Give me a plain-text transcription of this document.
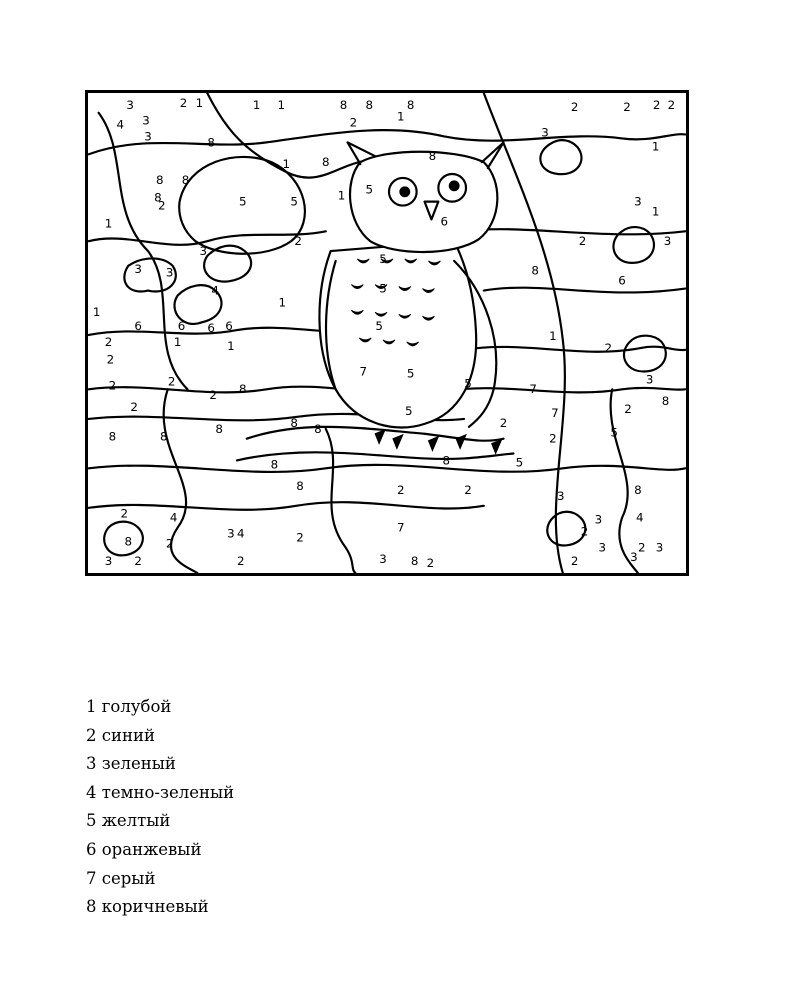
3
4 3
2 1	1 1	8 8	8
2	1
2	2 2 2
3
3	8
8
1
2
1
5
5	5
6
8
8
1
2
8	8
2
5
5
3 3
6
4
3
1
1
8
1
3
1
3
6 6 6
1	1
2
5
5
5
8
1
3
6
7
7
7
5
5
8
8
2
2
2
2
2
8	8
8
8
8
2	2
8
2
8
8
2
2
3
4
4
2	3
4
3
8 2	2
3
3
3
2
2
8
2
2
5
2
7
2
3
3 2
1 голубой
2 синий
3 зеленый
4 темно-зеленый
5 желтый
6 оранжевый
7 серый
8 коричневый
